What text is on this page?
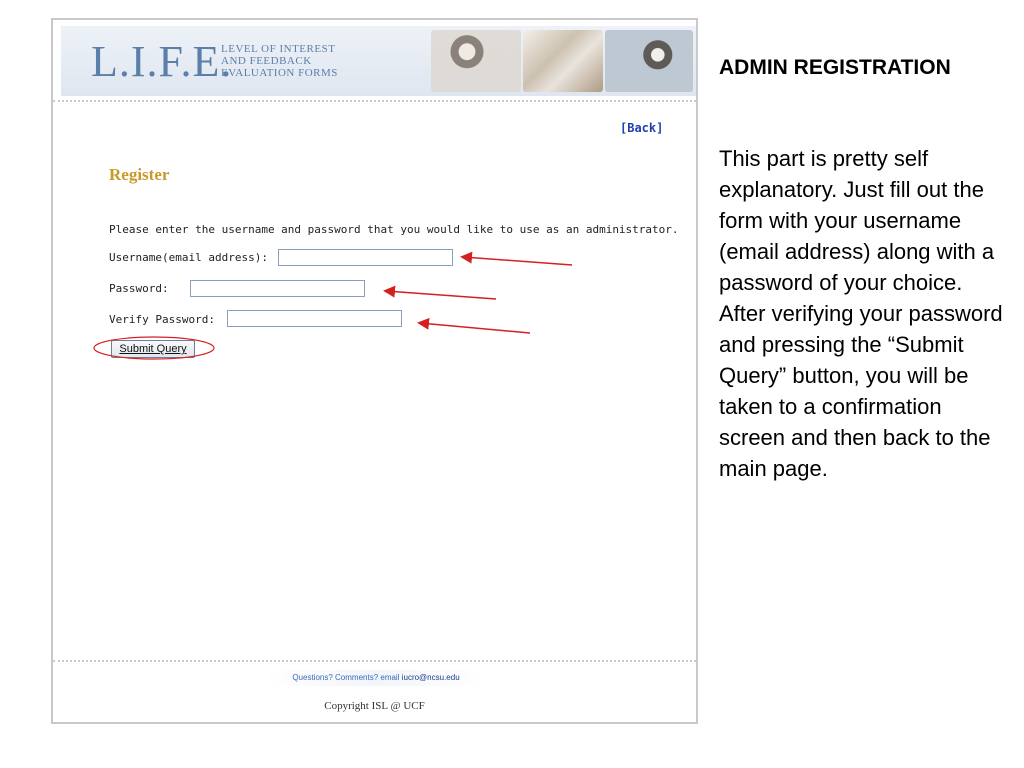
L.I.F.E.
LEVEL OF INTEREST AND FEEDBACK EVALUATION FORMS
[Back]
Register
Please enter the username and password that you would like to use as an administrator.
Username(email address):
Password:
Verify Password:
Submit Query
Questions? Comments? email iucro@ncsu.edu
Copyright ISL @ UCF
ADMIN REGISTRATION
This part is pretty self explanatory. Just fill out the form with your username (email address) along with a password of your choice. After verifying your password and pressing the “Submit Query” button, you will be taken to a confirmation screen and then back to the main page.
